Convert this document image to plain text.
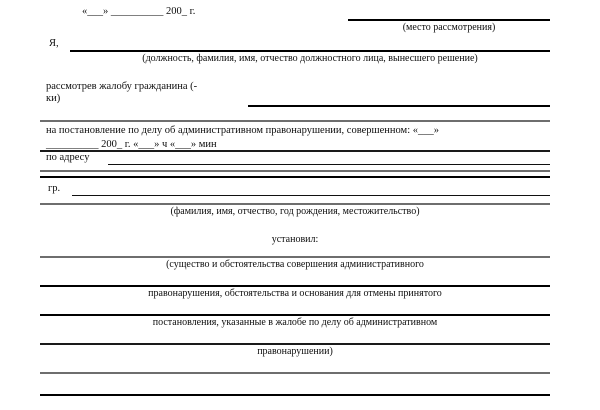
«___» __________ 200_ г.
(место рассмотрения)
Я,
(должность, фамилия, имя, отчество должностного лица, вынесшего решение)
рассмотрев жалобу гражданина (-
ки)
на постановление по делу об административном правонарушении, совершенном: «___»
__________ 200_ г. «___» ч «___» мин
по адресу
гр.
(фамилия, имя, отчество, год рождения, местожительство)
установил:
(существо и обстоятельства совершения административного
правонарушения, обстоятельства и основания для отмены принятого
постановления, указанные в жалобе по делу об административном
правонарушении)
